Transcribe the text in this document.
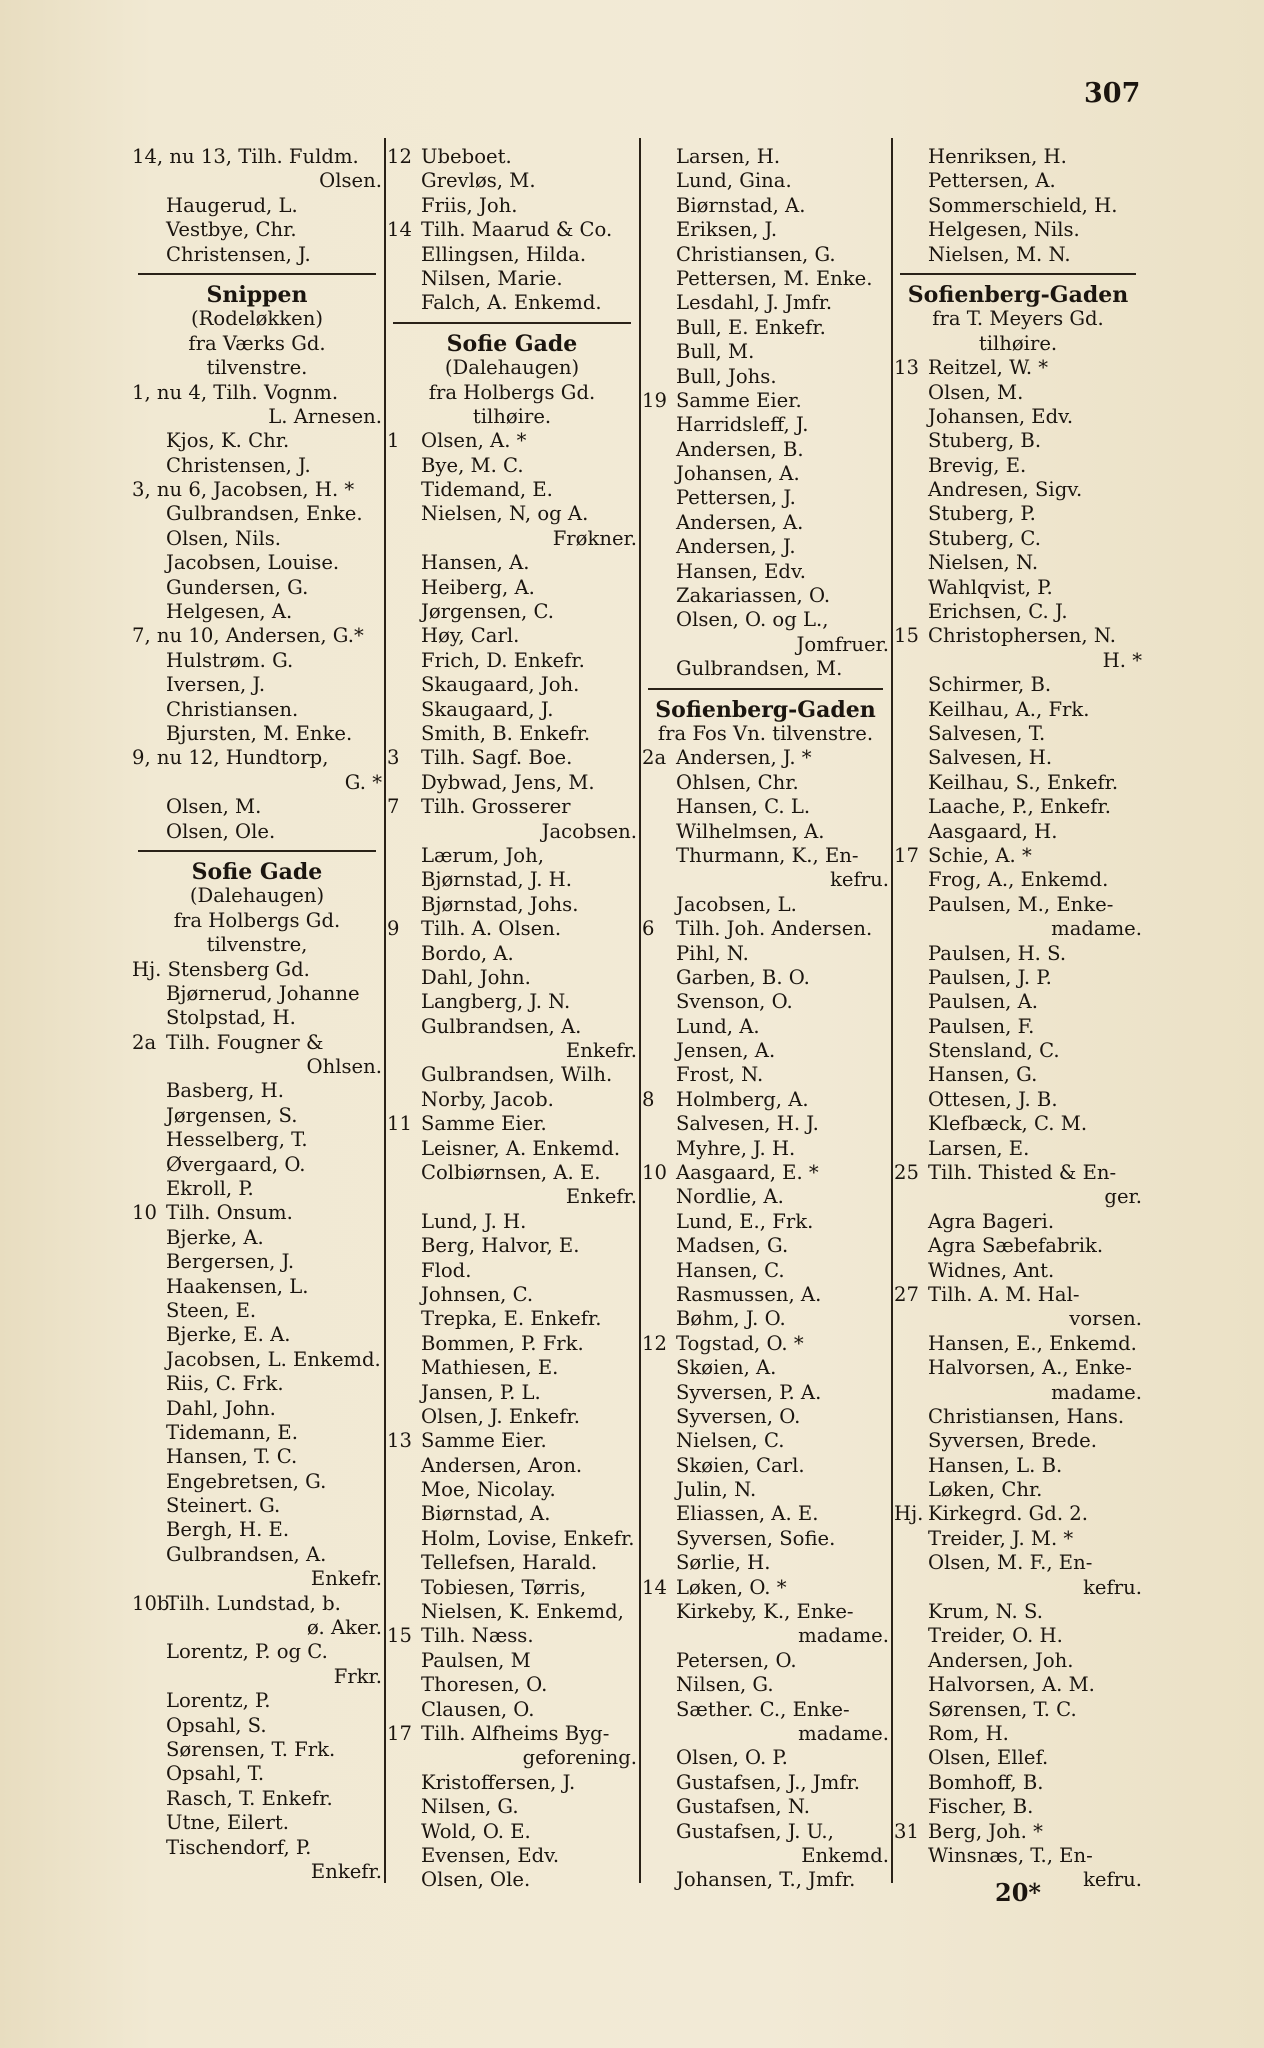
307
14, nu 13, Tilh. Fuldm.
Olsen.
Haugerud, L.
Vestbye, Chr.
Christensen, J.
Snippen
(Rodeløkken)
fra Værks Gd.
tilvenstre.
1, nu 4, Tilh. Vognm.
L. Arnesen.
Kjos, K. Chr.
Christensen, J.
3, nu 6, Jacobsen, H. *
Gulbrandsen, Enke.
Olsen, Nils.
Jacobsen, Louise.
Gundersen, G.
Helgesen, A.
7, nu 10, Andersen, G.*
Hulstrøm. G.
Iversen, J.
Christiansen.
Bjursten, M. Enke.
9, nu 12, Hundtorp,
G. *
Olsen, M.
Olsen, Ole.
Sofie Gade
(Dalehaugen)
fra Holbergs Gd.
tilvenstre,
Hj. Stensberg Gd.
Bjørnerud, Johanne
Stolpstad, H.
2a Tilh. Fougner &
Ohlsen.
Basberg, H.
Jørgensen, S.
Hesselberg, T.
Øvergaard, O.
Ekroll, P.
10 Tilh. Onsum.
Bjerke, A.
Bergersen, J.
Haakensen, L.
Steen, E.
Bjerke, E. A.
Jacobsen, L. Enkemd.
Riis, C. Frk.
Dahl, John.
Tidemann, E.
Hansen, T. C.
Engebretsen, G.
Steinert. G.
Bergh, H. E.
Gulbrandsen, A.
Enkefr.
10bTilh. Lundstad, b.
ø. Aker.
Lorentz, P. og C.
Frkr.
Lorentz, P.
Opsahl, S.
Sørensen, T. Frk.
Opsahl, T.
Rasch, T. Enkefr.
Utne, Eilert.
Tischendorf, P.
Enkefr.
12 Ubeboet.
Grevløs, M.
Friis, Joh.
14 Tilh. Maarud & Co.
Ellingsen, Hilda.
Nilsen, Marie.
Falch, A. Enkemd.
Sofie Gade
(Dalehaugen)
fra Holbergs Gd.
tilhøire.
1 Olsen, A. *
Bye, M. C.
Tidemand, E.
Nielsen, N, og A.
Frøkner.
Hansen, A.
Heiberg, A.
Jørgensen, C.
Høy, Carl.
Frich, D. Enkefr.
Skaugaard, Joh.
Skaugaard, J.
Smith, B. Enkefr.
3 Tilh. Sagf. Boe.
Dybwad, Jens, M.
7 Tilh. Grosserer
Jacobsen.
Lærum, Joh,
Bjørnstad, J. H.
Bjørnstad, Johs.
9 Tilh. A. Olsen.
Bordo, A.
Dahl, John.
Langberg, J. N.
Gulbrandsen, A.
Enkefr.
Gulbrandsen, Wilh.
Norby, Jacob.
11 Samme Eier.
Leisner, A. Enkemd.
Colbiørnsen, A. E.
Enkefr.
Lund, J. H.
Berg, Halvor, E.
Flod.
Johnsen, C.
Trepka, E. Enkefr.
Bommen, P. Frk.
Mathiesen, E.
Jansen, P. L.
Olsen, J. Enkefr.
13 Samme Eier.
Andersen, Aron.
Moe, Nicolay.
Biørnstad, A.
Holm, Lovise, Enkefr.
Tellefsen, Harald.
Tobiesen, Tørris,
Nielsen, K. Enkemd,
15 Tilh. Næss.
Paulsen, M
Thoresen, O.
Clausen, O.
17 Tilh. Alfheims Byg-
geforening.
Kristoffersen, J.
Nilsen, G.
Wold, O. E.
Evensen, Edv.
Olsen, Ole.
Larsen, H.
Lund, Gina.
Biørnstad, A.
Eriksen, J.
Christiansen, G.
Pettersen, M. Enke.
Lesdahl, J. Jmfr.
Bull, E. Enkefr.
Bull, M.
Bull, Johs.
19 Samme Eier.
Harridsleff, J.
Andersen, B.
Johansen, A.
Pettersen, J.
Andersen, A.
Andersen, J.
Hansen, Edv.
Zakariassen, O.
Olsen, O. og L.,
Jomfruer.
Gulbrandsen, M.
Sofienberg-Gaden
fra Fos Vn. tilvenstre.
2a Andersen, J. *
Ohlsen, Chr.
Hansen, C. L.
Wilhelmsen, A.
Thurmann, K., En-
kefru.
Jacobsen, L.
6 Tilh. Joh. Andersen.
Pihl, N.
Garben, B. O.
Svenson, O.
Lund, A.
Jensen, A.
Frost, N.
8 Holmberg, A.
Salvesen, H. J.
Myhre, J. H.
10 Aasgaard, E. *
Nordlie, A.
Lund, E., Frk.
Madsen, G.
Hansen, C.
Rasmussen, A.
Bøhm, J. O.
12 Togstad, O. *
Skøien, A.
Syversen, P. A.
Syversen, O.
Nielsen, C.
Skøien, Carl.
Julin, N.
Eliassen, A. E.
Syversen, Sofie.
Sørlie, H.
14 Løken, O. *
Kirkeby, K., Enke-
madame.
Petersen, O.
Nilsen, G.
Sæther. C., Enke-
madame.
Olsen, O. P.
Gustafsen, J., Jmfr.
Gustafsen, N.
Gustafsen, J. U.,
Enkemd.
Johansen, T., Jmfr.
Henriksen, H.
Pettersen, A.
Sommerschield, H.
Helgesen, Nils.
Nielsen, M. N.
Sofienberg-Gaden
fra T. Meyers Gd.
tilhøire.
13 Reitzel, W. *
Olsen, M.
Johansen, Edv.
Stuberg, B.
Brevig, E.
Andresen, Sigv.
Stuberg, P.
Stuberg, C.
Nielsen, N.
Wahlqvist, P.
Erichsen, C. J.
15 Christophersen, N.
H. *
Schirmer, B.
Keilhau, A., Frk.
Salvesen, T.
Salvesen, H.
Keilhau, S., Enkefr.
Laache, P., Enkefr.
Aasgaard, H.
17 Schie, A. *
Frog, A., Enkemd.
Paulsen, M., Enke-
madame.
Paulsen, H. S.
Paulsen, J. P.
Paulsen, A.
Paulsen, F.
Stensland, C.
Hansen, G.
Ottesen, J. B.
Klefbæck, C. M.
Larsen, E.
25 Tilh. Thisted & En-
ger.
Agra Bageri.
Agra Sæbefabrik.
Widnes, Ant.
27 Tilh. A. M. Hal-
vorsen.
Hansen, E., Enkemd.
Halvorsen, A., Enke-
madame.
Christiansen, Hans.
Syversen, Brede.
Hansen, L. B.
Løken, Chr.
Hj. Kirkegrd. Gd. 2.
Treider, J. M. *
Olsen, M. F., En-
kefru.
Krum, N. S.
Treider, O. H.
Andersen, Joh.
Halvorsen, A. M.
Sørensen, T. C.
Rom, H.
Olsen, Ellef.
Bomhoff, B.
Fischer, B.
31 Berg, Joh. *
Winsnæs, T., En-
kefru.
20*
